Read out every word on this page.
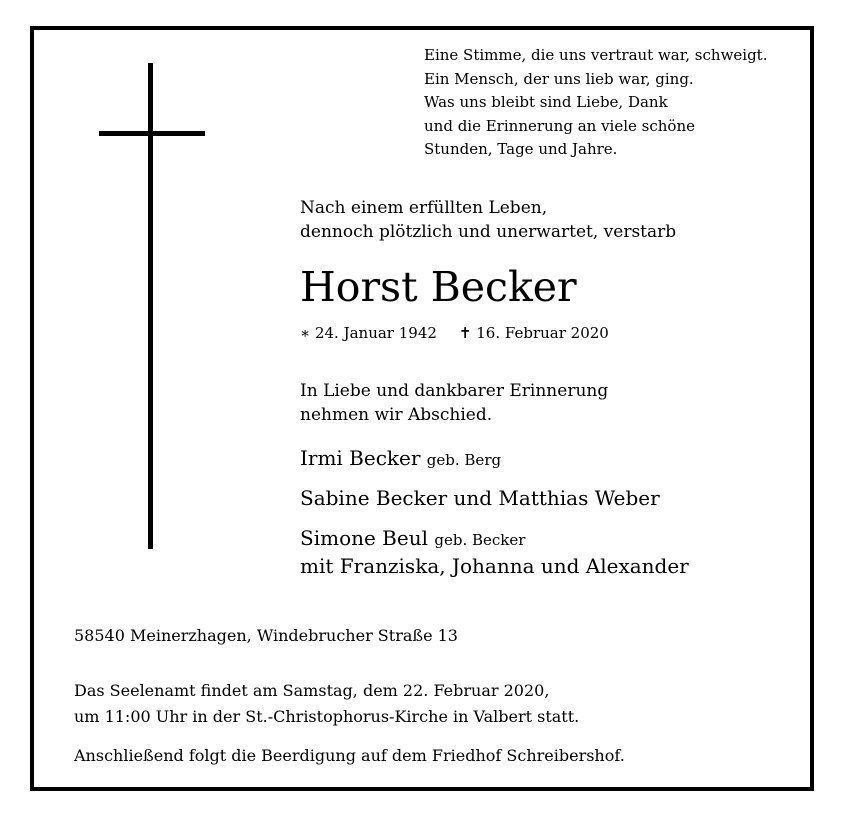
Eine Stimme, die uns vertraut war, schweigt.
Ein Mensch, der uns lieb war, ging.
Was uns bleibt sind Liebe, Dank
und die Erinnerung an viele schöne
Stunden, Tage und Jahre.
Nach einem erfüllten Leben,
dennoch plötzlich und unerwartet, verstarb
Horst Becker
∗ 24. Januar 1942 ✝ 16. Februar 2020
In Liebe und dankbarer Erinnerung
nehmen wir Abschied.
Irmi Becker geb. Berg
Sabine Becker und Matthias Weber
Simone Beul geb. Becker
mit Franziska, Johanna und Alexander
58540 Meinerzhagen, Windebrucher Straße 13
Das Seelenamt findet am Samstag, dem 22. Februar 2020,
um 11:00 Uhr in der St.-Christophorus-Kirche in Valbert statt.
Anschließend folgt die Beerdigung auf dem Friedhof Schreibershof.
